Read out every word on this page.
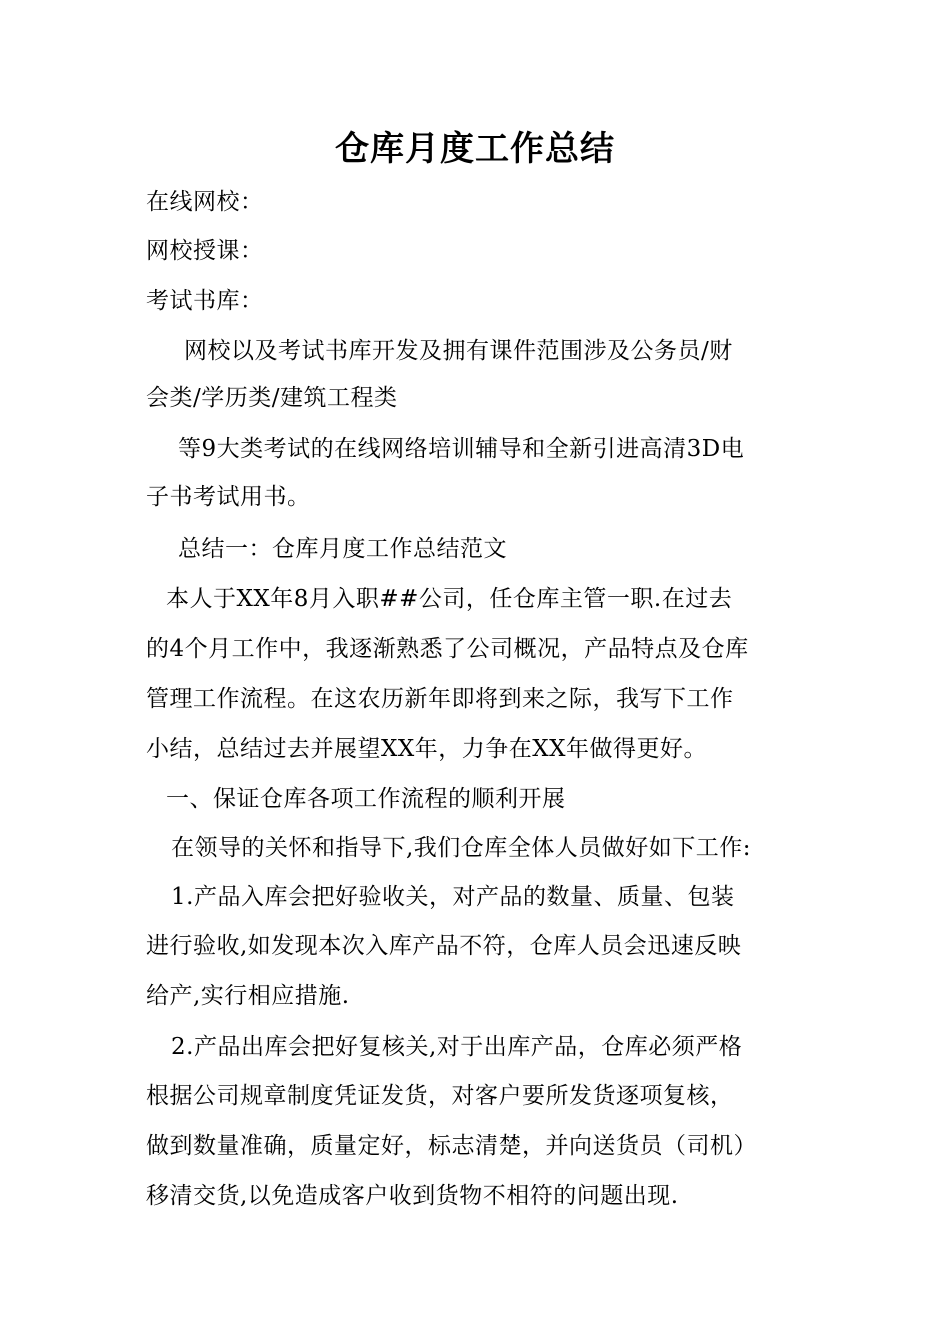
仓库月度工作总结
在线网校：
网校授课：
考试书库：
网校以及考试书库开发及拥有课件范围涉及公务员/财
会类/学历类/建筑工程类
等9大类考试的在线网络培训辅导和全新引进高清3D电
子书考试用书。
总结一：仓库月度工作总结范文
本人于XX年8月入职##公司，任仓库主管一职.在过去
的4个月工作中，我逐渐熟悉了公司概况，产品特点及仓库
管理工作流程。在这农历新年即将到来之际，我写下工作
小结，总结过去并展望XX年，力争在XX年做得更好。
一、保证仓库各项工作流程的顺利开展
在领导的关怀和指导下,我们仓库全体人员做好如下工作:
1.产品入库会把好验收关，对产品的数量、质量、包装
进行验收,如发现本次入库产品不符，仓库人员会迅速反映
给产,实行相应措施.
2.产品出库会把好复核关,对于出库产品，仓库必须严格
根据公司规章制度凭证发货，对客户要所发货逐项复核，
做到数量准确，质量定好，标志清楚，并向送货员（司机）
移清交货,以免造成客户收到货物不相符的问题出现.
